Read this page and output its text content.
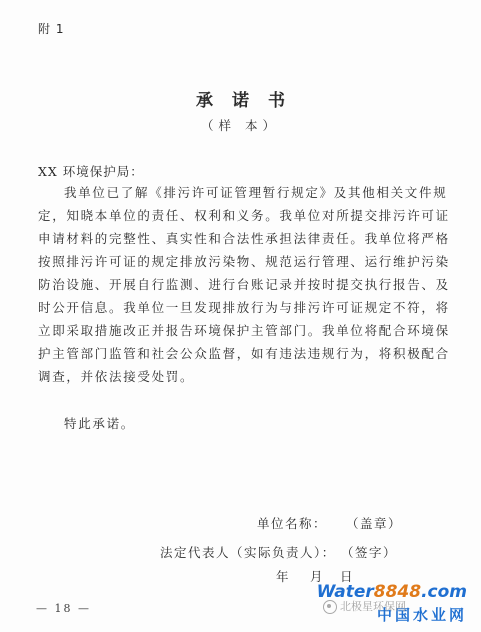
附 1
承诺书
（样 本）
XX 环境保护局：
我单位已了解《排污许可证管理暂行规定》及其他相关文件规
定，知晓本单位的责任、权利和义务。我单位对所提交排污许可证
申请材料的完整性、真实性和合法性承担法律责任。我单位将严格
按照排污许可证的规定排放污染物、规范运行管理、运行维护污染
防治设施、开展自行监测、进行台账记录并按时提交执行报告、及
时公开信息。我单位一旦发现排放行为与排污许可证规定不符，将
立即采取措施改正并报告环境保护主管部门。我单位将配合环境保
护主管部门监管和社会公众监督，如有违法违规行为，将积极配合
调查，并依法接受处罚。
特此承诺。
单位名称： （盖章）
法定代表人（实际负责人）： （签字）
年 月 日
— 18 —
Water8848.com
中国水业网
北极星环保网
